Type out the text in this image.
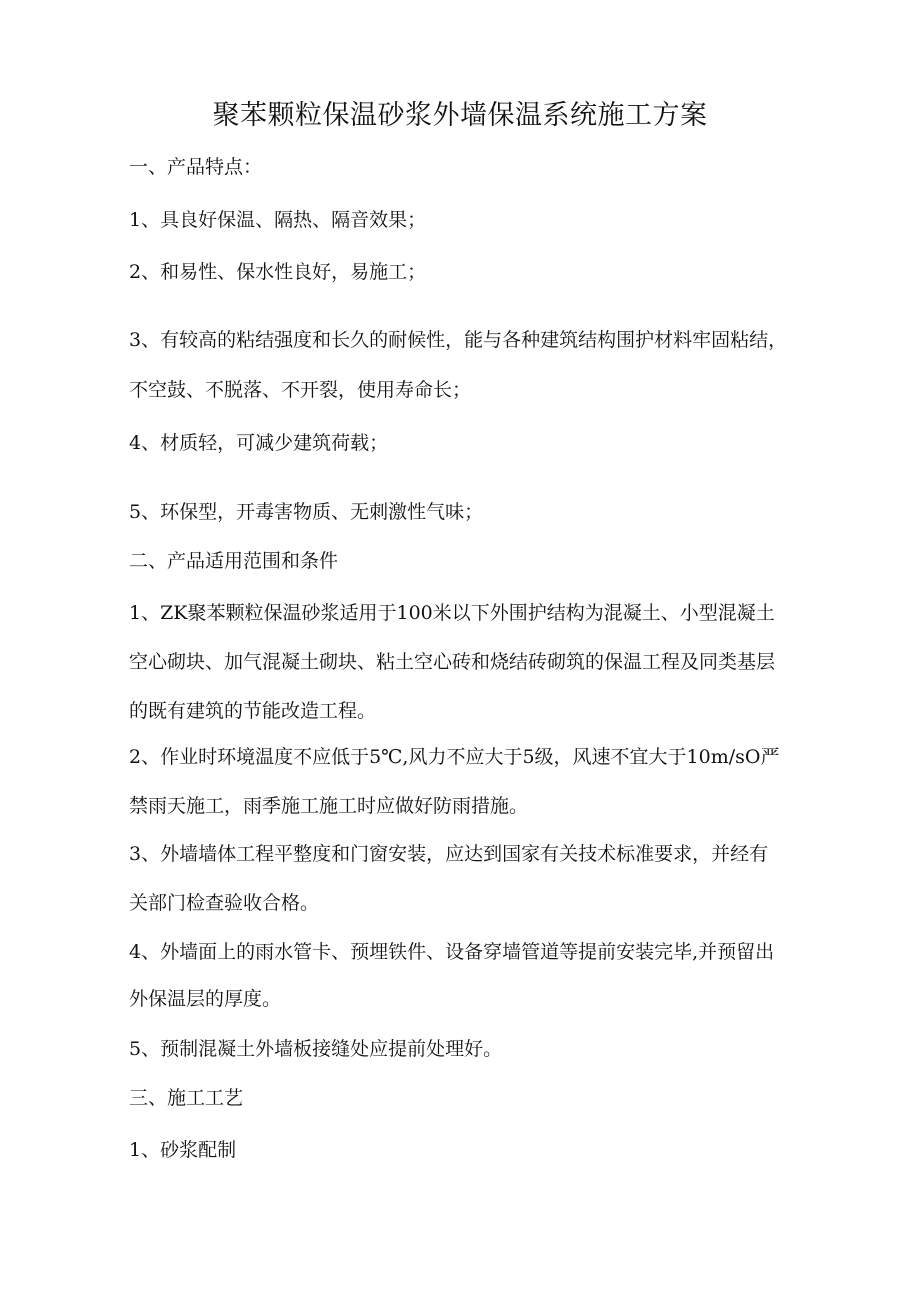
聚苯颗粒保温砂浆外墙保温系统施工方案
一、产品特点：
1、具良好保温、隔热、隔音效果；
2、和易性、保水性良好，易施工；
3、有较高的粘结强度和长久的耐候性，能与各种建筑结构围护材料牢固粘结，
不空鼓、不脱落、不开裂，使用寿命长；
4、材质轻，可减少建筑荷载；
5、环保型，开毒害物质、无刺激性气味；
二、产品适用范围和条件
1、ZK聚苯颗粒保温砂浆适用于100米以下外围护结构为混凝土、小型混凝土
空心砌块、加气混凝土砌块、粘土空心砖和烧结砖砌筑的保温工程及同类基层
的既有建筑的节能改造工程。
2、作业时环境温度不应低于5℃,风力不应大于5级，风速不宜大于10m∕sO严
禁雨天施工，雨季施工施工时应做好防雨措施。
3、外墙墙体工程平整度和门窗安装，应达到国家有关技术标准要求，并经有
关部门检查验收合格。
4、外墙面上的雨水管卡、预埋铁件、设备穿墙管道等提前安装完毕,并预留出
外保温层的厚度。
5、预制混凝土外墙板接缝处应提前处理好。
三、施工工艺
1、砂浆配制
